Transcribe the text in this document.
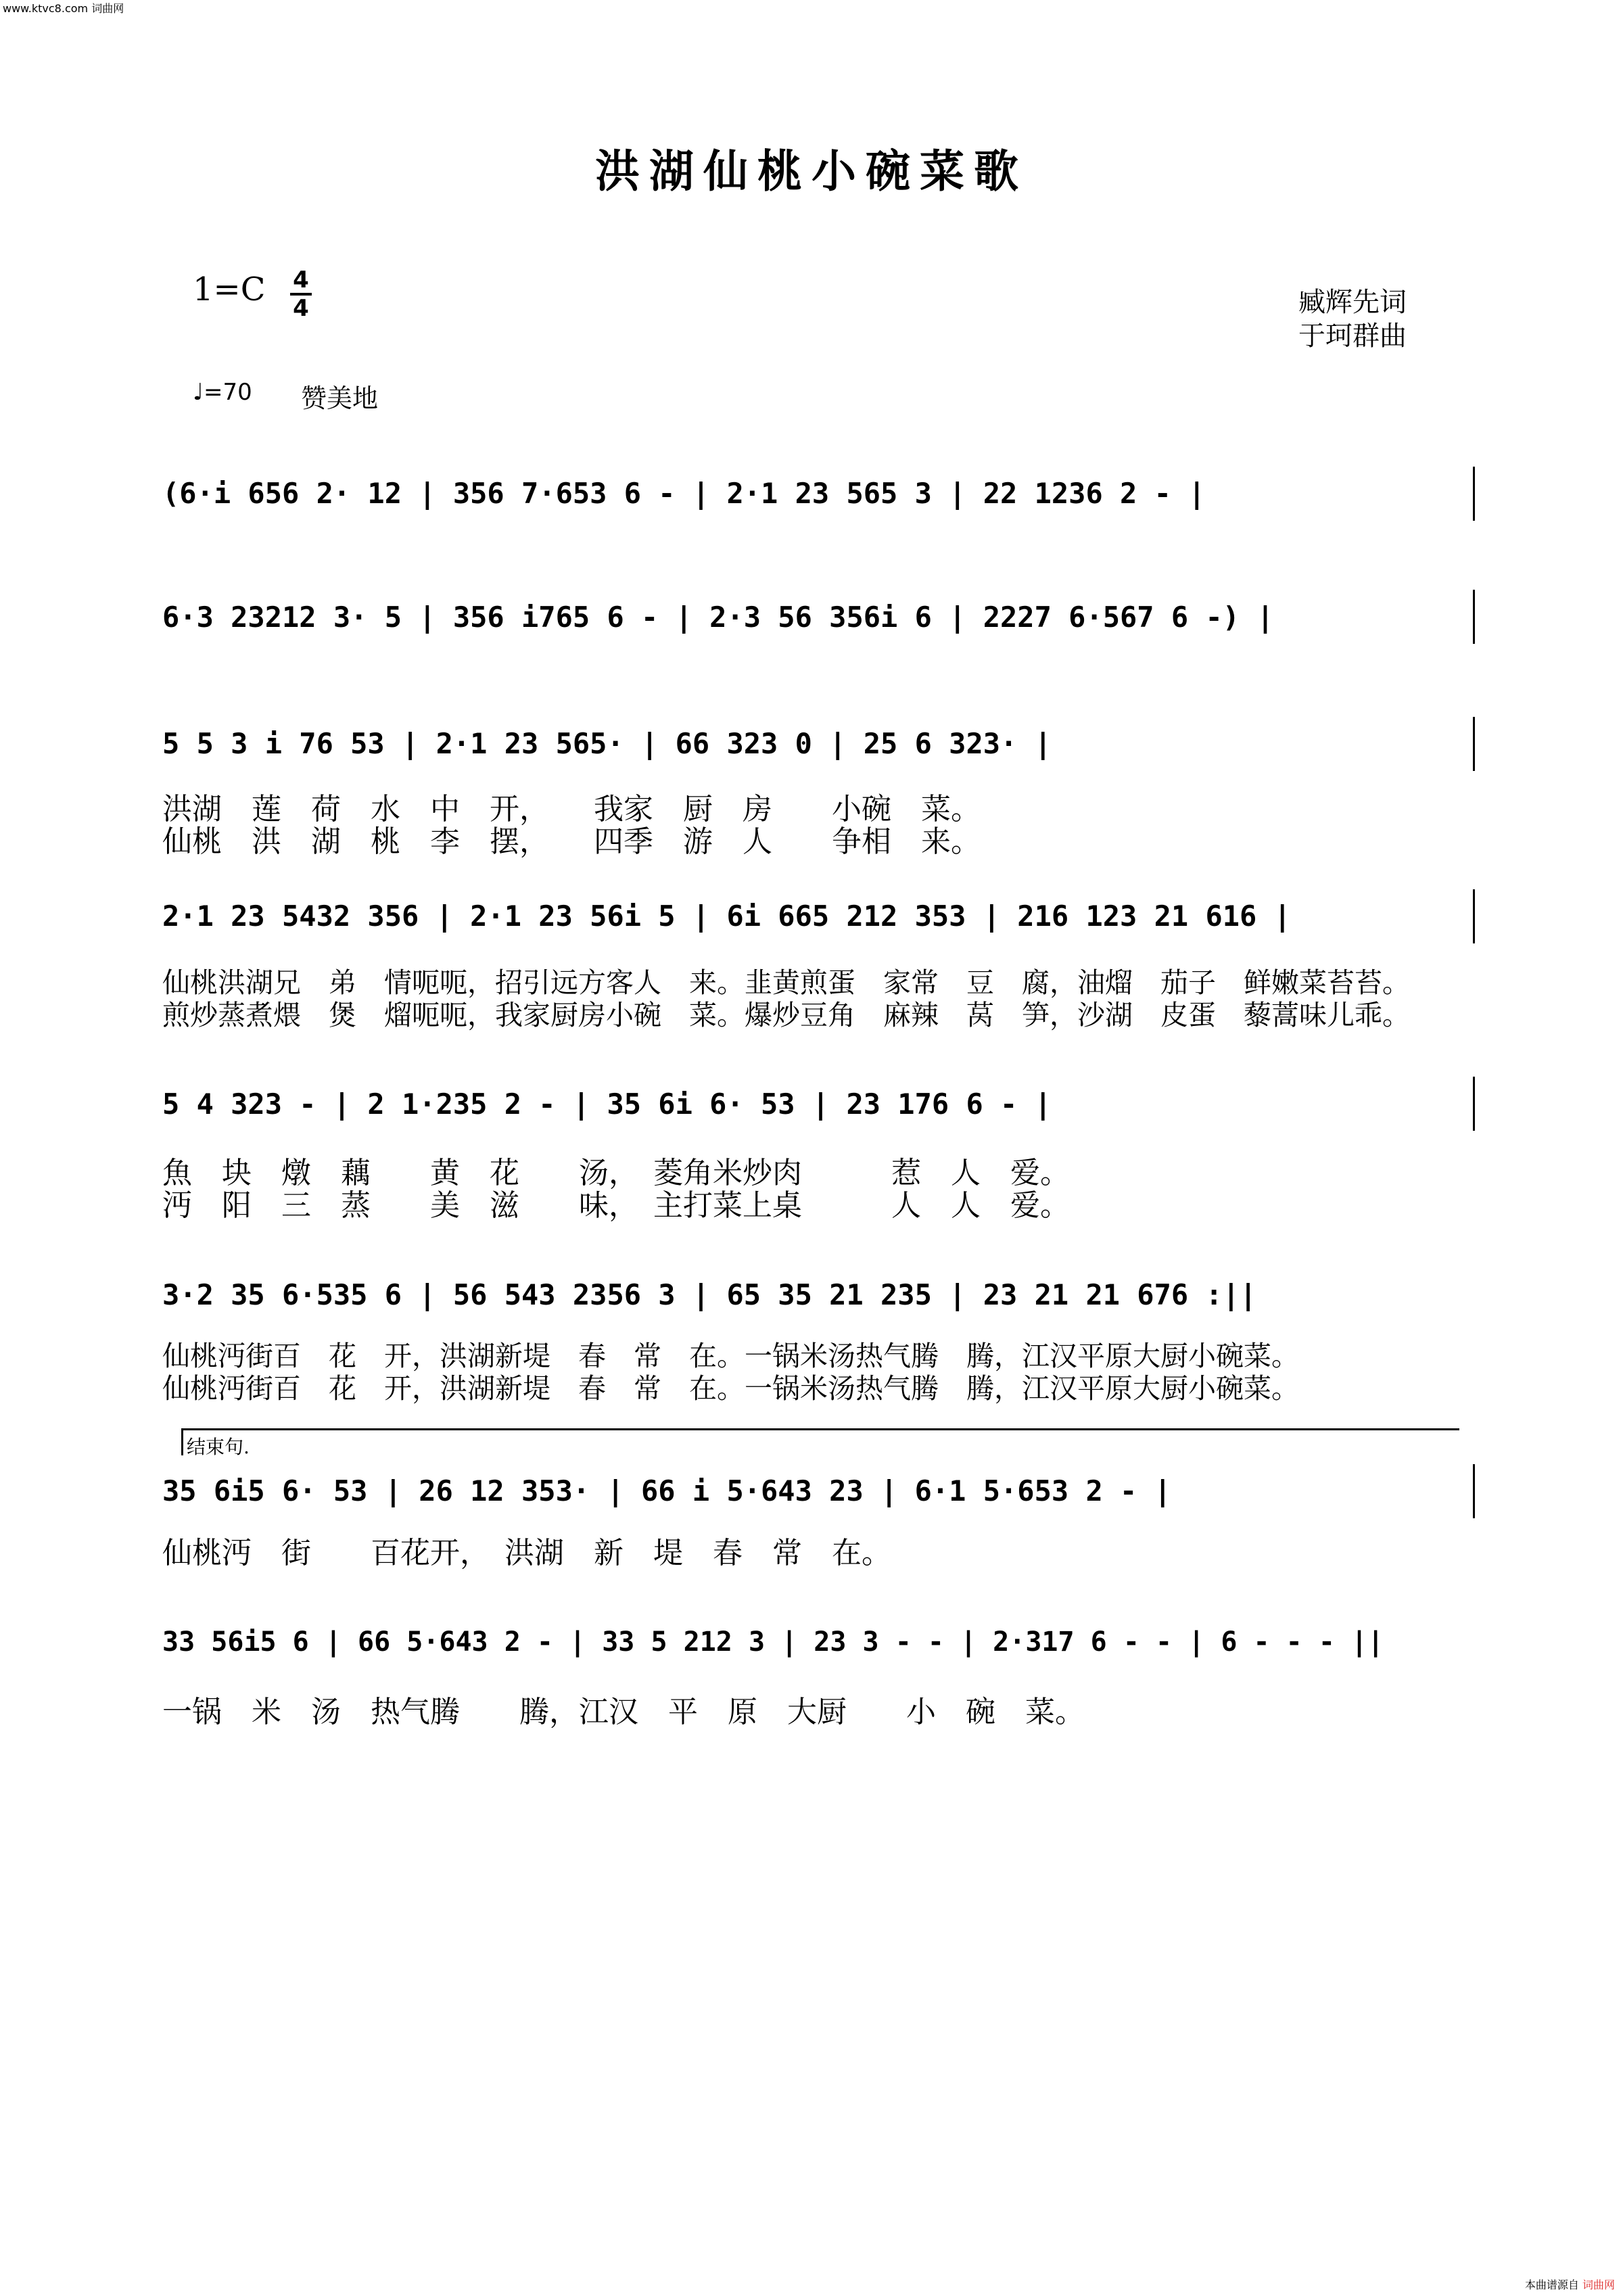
www.ktvc8.com 词曲网
洪湖仙桃小碗菜歌
1=C 4
4	臧辉先词
于珂群曲
♩=70 赞美地
(6·i 656 2· 12 | 356 7·653 6 - | 2·1 23 565 3 | 22 1236 2 - |
6·3 23212 3· 5 | 356 i765 6 - | 2·3 56 356i 6 | 2227 6·567 6 -) |
5 5 3 i 76 53 | 2·1 23 565· | 66 323 0 | 25 6 323· |
洪湖　莲　荷　水　中　开，　　我家　厨　房　　小碗　菜。
仙桃　洪　湖　桃　李　摆，　　四季　游　人　　争相　来。
2·1 23 5432 356 | 2·1 23 56i 5 | 6i 665 212 353 | 216 123 21 616 |
仙桃洪湖兄　弟　情呃呃，招引远方客人　来。韭黄煎蛋　家常　豆　腐，油熘　茄子　鲜嫩菜苔苔。
煎炒蒸煮煨　煲　熘呃呃，我家厨房小碗　菜。爆炒豆角　麻辣　莴　笋，沙湖　皮蛋　藜蒿味儿乖。
5 4 323 - | 2 1·235 2 - | 35 6i 6· 53 | 23 176 6 - |
魚　块　燉　藕　　黄　花　　汤，　菱角米炒肉　　　惹　人　爱。
沔　阳　三　蒸　　美　滋　　味，　主打菜上桌　　　人　人　爱。
3·2 35 6·535 6 | 56 543 2356 3 | 65 35 21 235 | 23 21 21 676 :||
仙桃沔街百　花　开，洪湖新堤　春　常　在。一锅米汤热气腾　腾，江汉平原大厨小碗菜。
仙桃沔街百　花　开，洪湖新堤　春　常　在。一锅米汤热气腾　腾，江汉平原大厨小碗菜。
结束句.
35 6i5 6· 53 | 26 12 353· | 66 i 5·643 23 | 6·1 5·653 2 - |
仙桃沔　街　　百花开，　洪湖　新　堤　春　常　在。
33 56i5 6 | 66 5·643 2 - | 33 5 212 3 | 23 3 - - | 2·317 6 - - | 6 - - - ||
一锅　米　汤　热气腾　　腾，江汉　平　原　大厨　　小　碗　菜。
本曲谱源自 词曲网
